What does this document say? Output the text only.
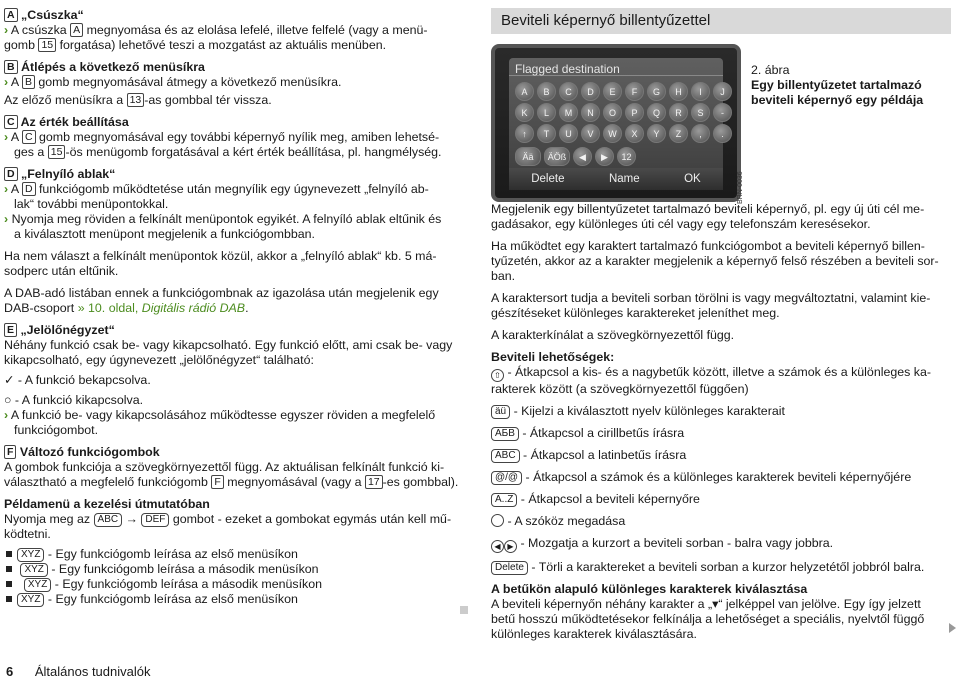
A „Csúszka“

› A csúszka A megnyomása és az elolása lefelé, illetve felfelé (vagy a menü-

gomb 15 forgatása) lehetővé teszi a mozgatást az aktuális menüben.

B Átlépés a következő menüsíkra

› A B gomb megnyomásával átmegy a következő menüsíkra.

Az előző menüsíkra a 13 -as gombbal tér vissza.

C Az érték beállítása

› A C gomb megnyomásával egy további képernyő nyílik meg, amiben lehetsé-

ges a 15 -ös menügomb forgatásával a kért érték beállítása, pl. hangmélység.

D „Felnyíló ablak“

› A D funkciógomb működtetése után megnyílik egy úgynevezett „felnyíló ab-

lak“ további menüpontokkal.

› Nyomja meg röviden a felkínált menüpontok egyikét. A felnyíló ablak eltűnik és

a kiválasztott menüpont megjelenik a funkciógombban.

Ha nem választ a felkínált menüpontok közül, akkor a „felnyíló ablak“ kb. 5 má-

sodperc után eltűnik.

A DAB-adó listában ennek a funkciógombnak az igazolása után megjelenik egy

DAB-csoport » 10. oldal, Digitális rádió DAB.

E „Jelölőnégyzet“

Néhány funkció csak be- vagy kikapcsolható. Egy funkció előtt, ami csak be- vagy

kikapcsolható, egy úgynevezett „jelölőnégyzet“ található:

✓ - A funkció bekapcsolva.

○ - A funkció kikapcsolva.

› A funkció be- vagy kikapcsolásához működtesse egyszer röviden a megfelelő

funkciógombot.

F Változó funkciógombok

A gombok funkciója a szövegkörnyezettől függ. Az aktuálisan felkínált funkció ki-

választható a megfelelő funkciógomb F megnyomásával (vagy a 17 -es gombbal).

Példamenü a kezelési útmutatóban

Nyomja meg az ABC → DEF gombot - ezeket a gombokat egymás után kell mű-

ködtetni.

XYZ - Egy funkciógomb leírása az első menüsíkon

XYZ - Egy funkciógomb leírása a második menüsíkon

XYZ - Egy funkciógomb leírása a második menüsíkon

XYZ - Egy funkciógomb leírása az első menüsíkon

Beviteli képernyő billentyűzettel
Flagged destination
A	B	C	D	E	F	G	H	I	J
K	L	M	N	O	P	Q	R	S	-
↑	T	U	V	W	X	Y	Z	,	.
Ää	ÄÖß	◀	▶	12
Delete	Name	OK	BRN-0036

2. ábra

Egy billentyűzetet tartalmazó beviteli képernyő egy példája

Megjelenik egy billentyűzetet tartalmazó beviteli képernyő, pl. egy új úti cél me-

gadásakor, egy különleges úti cél vagy egy telefonszám keresésekor.

Ha működtet egy karaktert tartalmazó funkciógombot a beviteli képernyő billen-

tyűzetén, akkor az a karakter megjelenik a képernyő felső részében a beviteli sor-

ban.

A karaktersort tudja a beviteli sorban törölni is vagy megváltoztatni, valamint kie-

gészítéseket különleges karaktereket jeleníthet meg.

A karakterkínálat a szövegkörnyezettől függ.

Beviteli lehetőségek:

⇧ - Átkapcsol a kis- és a nagybetűk között, illetve a számok és a különleges ka-

rakterek között (a szövegkörnyezettől függően)

äü - Kijelzi a kiválasztott nyelv különleges karakterait

АБВ - Átkapcsol a cirillbetűs írásra

ABC - Átkapcsol a latinbetűs írásra

@/@ - Átkapcsol a számok és a különleges karakterek beviteli képernyőjére

A..Z - Átkapcsol a beviteli képernyőre

- A szóköz megadása

◀ ▶ - Mozgatja a kurzort a beviteli sorban - balra vagy jobbra.

Delete - Törli a karaktereket a beviteli sorban a kurzor helyzetétől jobbról balra.

A betűkön alapuló különleges karakterek kiválasztása

A beviteli képernyőn néhány karakter a „▾“ jelképpel van jelölve. Egy így jelzett

betű hosszú működtetésekor felkínálja a lehetőséget a speciális, nyelvtől függő

különleges karakterek kiválasztására.

6 Általános tudnivalók
